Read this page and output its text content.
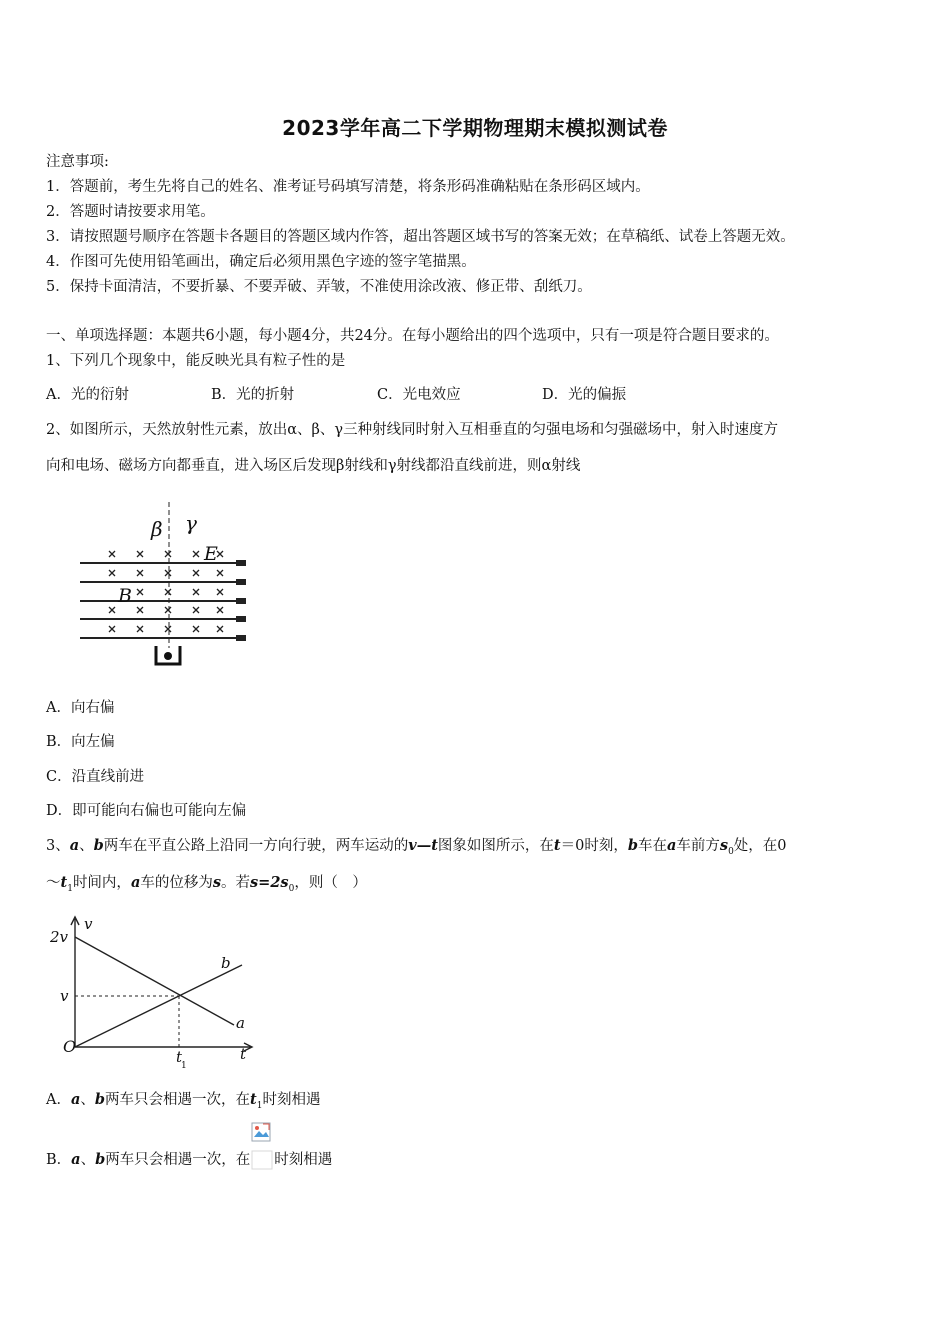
2023学年高二下学期物理期末模拟测试卷
注意事项:
1．答题前，考生先将自己的姓名、准考证号码填写清楚，将条形码准确粘贴在条形码区域内。
2．答题时请按要求用笔。
3．请按照题号顺序在答题卡各题目的答题区域内作答，超出答题区域书写的答案无效；在草稿纸、试卷上答题无效。
4．作图可先使用铅笔画出，确定后必须用黑色字迹的签字笔描黑。
5．保持卡面清洁，不要折暴、不要弄破、弄皱，不准使用涂改液、修正带、刮纸刀。
一、单项选择题：本题共6小题，每小题4分，共24分。在每小题给出的四个选项中，只有一项是符合题目要求的。
1、下列几个现象中，能反映光具有粒子性的是
A．光的衍射	B．光的折射	C．光电效应	D．光的偏振
2、如图所示，天然放射性元素，放出α、β、γ三种射线同时射入互相垂直的匀强电场和匀强磁场中，射入时速度方
向和电场、磁场方向都垂直，进入场区后发现β射线和γ射线都沿直线前进，则α射线
β γ
E
B
A．向右偏
B．向左偏
C．沿直线前进
D．即可能向右偏也可能向左偏
3、a、b两车在平直公路上沿同一方向行驶，两车运动的v—t图象如图所示，在t＝0时刻，b车在a车前方$s_0$处，在0
$\sim t_1$时间内，a车的位移为s。若$s=2s_0$，则（　）
v
2v
v
O	t
t
1
a
b
A．a、b两车只会相遇一次，在$t_1$时刻相遇
B．a、b两车只会相遇一次，在 时刻相遇
